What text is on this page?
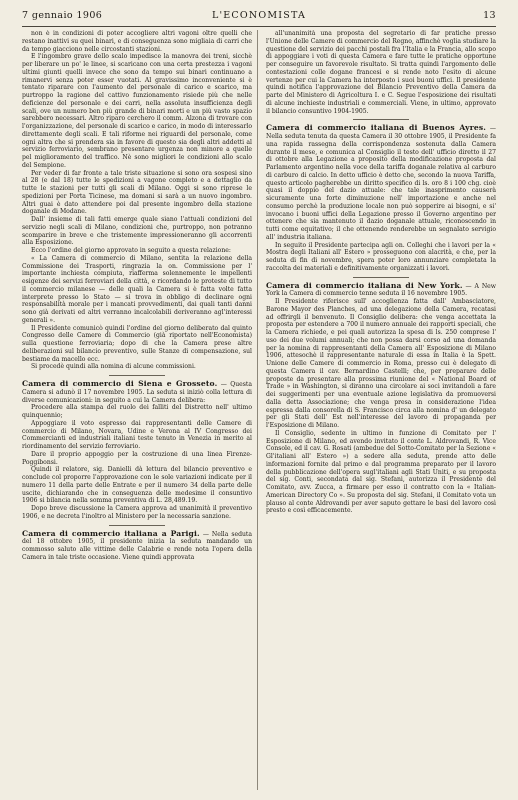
7 gennaio 1906	L'ECONOMISTA	13

non è in condizioni di poter accogliere altri vagoni oltre quelli che restano inattivi su quei binari, e di conseguenza sono migliaia di carri che da tempo giacciono nelle circostanti stazioni.

E l'ingombro grave dello scalo impedisce la manovra dei treni, sicchè per liberare un po' le linee, si scaricano con una certa prestezza i vagoni ultimi giunti quelli invece che sono da tempo sui binari continuano a rimanervi senza poter esser vuotati. Al gravissimo inconveniente si è tentato riparare con l'aumento del personale di carico e scarico, ma purtroppo la ragione del cattivo funzionamento risiede più che nelle deficienze del personale e dei carri, nella assoluta insufficienza degli scali, ove un numero ben più grande di binari morti e un più vasto spazio sarebbero necessari. Altro riparo cerchero il comm. Alzona di trovare con l'organizzazione, del personale di scarico e carico, in modo di interessarlo direttamente degli scali. E tali riforme nei riguardi del personale, come ogni altra che si prendera sia in favore di questo sia degli altri addetti al servizio ferroviario, sembrano presentare urgenza non minore a quelle pel miglioramento del traffico. Nè sono migliori le condizioni allo scalo del Sempione.

Per veder di far fronte a tale triste situazione si sono ora sospesi sino al 28 (e dal 18) tutte le spedizioni a vagone completo e a dettaglio da tutte le stazioni per tutti gli scali di Milano. Oggi si sono riprese le spedizioni per Porta Ticinese, ma domani si sarà a un nuovo ingombro. Altri guai è dato attendere poi dal presente ingombro della stazione doganale di Modane.

Dall' insieme di tali fatti emerge quale siano l'attuali condizioni del servizio negli scali di Milano, condizioni che, purtroppo, non potranno scomparire in breve e che tristemente impressioneranno gli accorrenti alla Esposizione.

Ecco l'ordine del giorno approvato in seguito a questa relazione:

« La Camera di commercio di Milano, sentita la relazione della Commissione dei Trasporti, ringrazia la on. Commissione per l' importante inchiesta compiuta, riafferma solennemente le impellenti esigenze dei servizi ferroviari della città, e ricordando le proteste di tutto il commercio milanese — delle quali la Camera si è fatta volte fatta interprete presso lo Stato — si trova in obbligo di declinare ogni responsabilità morale per i mancati provvedimenti, dai quali tanti danni sono già derivati ed altri verranno incalcolabili deriveranno agl'interessi generali ».

Il Presidente comunicò quindi l'ordine del giorno deliberato dal quinto Congresso delle Camere di Commercio (già riportato nell'Economista) sulla questione ferroviaria; dopo di che la Camera prese altre deliberazioni sul bilancio preventivo, sulle Stanze di compensazione, sul bestiame da macello ecc.

Si procedè quindi alla nomina di alcune commissioni.

Camera di commercio di Siena e Grosseto. — Questa Camera si adunò il 17 novembre 1905. La seduta si iniziò colla lettura di diverse comunicazioni: in seguito a cui la Camera delibera:

Procedere alla stampa del ruolo dei falliti del Distretto nell' ultimo quinquennio;

Appoggiare il voto espresso dai rappresentanti delle Camere di commercio di Milano, Novara, Udine e Verona al IV Congresso dei Commercianti ed industriali italiani teste tenuto in Venezia in merito al riordinamento del servizio ferroviario.

Dare il proprio appoggio per la costruzione di una linea Firenze-Poggibonsi.

Quindi il relatore, sig. Danielli dà lettura del bilancio preventivo e conclude col proporre l'approvazione con le sole variazioni indicate per il numero 11 della parte delle Entrate e per il numero 34 della parte delle uscite, dichiarando che in conseguenza delle medesime il consuntivo 1906 si bilancia nella somma preventiva di L. 28,489.19.

Dopo breve discussione la Camera approva ad unanimità il preventivo 1906, e ne decreta l'inoltro al Ministero per la necessaria sanzione.

Camera di commercio italiana a Parigi. — Nella seduta del 18 ottobre 1905, il presidente inizia la seduta mandando un commosso saluto alle vittime delle Calabrie e rende nota l'opera della Camera in tale triste occasione. Viene quindi approvata

all'unanimità una proposta del segretario di far pratiche presso l'Unione delle Camere di commercio del Regno, affinchè voglia studiare la questione del servizio dei pacchi postali fra l'Italia e la Francia, allo scopo di appoggiare i voti di questa Camera e fare tutte le pratiche opportune per conseguire un favorevole risultato. Si tratta quindi l'argomento delle contestazioni colle dogane francesi e si rende noto l'esito di alcune vertenze per cui la Camera ha interposto i suoi buoni uffici. Il presidente quindi notifica l'approvazione del Bilancio Preventivo della Camera da parte del Ministero di Agricoltura I. e C. Segue l'esposizione dei risultati di alcune inchieste industriali e commerciali. Viene, in ultimo, approvato il bilancio consuntivo 1904-1905.

Camera di commercio italiana di Buenos Ayres. — Nella seduta tenuta da questa Camera il 30 ottobre 1905, il Presidente fa una rapida rassegna della corrispondenza sostenuta dalla Camera durante il mese, e comunica al Consiglio il testo dell' ufficio diretto il 27 di ottobre alla Legazione a proposito della modificazione proposta dal Parlamento argentino nella voce della tariffa doganale relativa al carburo di carburo di calcio. In detto ufficio è detto che, secondo la nuova Tariffa, questo articolo pagherebbe un diritto specifico di ls. oro 8 i 100 chg. cioè quasi il doppio del dazio attuale: che tale inasprimento causerà sicuramente una forte diminuzione nell' importazione e anche nel consumo perchè la produzione locale non può sopperire ai bisogni, e si' invocano i buoni uffici della Legazione presso il Governo argentino per ottenere che sia mantenuto il dazio doganale attuale, riconoscendo in tutti come equitativo; il che ottenendo renderebbe un segnalato servigio all' industria italiana.

In seguito il Presidente partecipa agli on. Colleghi che i lavori per la « Mostra degli Italiani all' Estero » prosseguono con alacrità, e che, per la seduta di fin di novembre, spera poter loro annunziare completata la raccolta dei materiali e definitivamente organizzati i lavori.

Camera di commercio italiana di New York. — A New York la Camera di commercio tenne seduta il 16 novembre 1905.

Il Presidente riferisce sull' accoglienza fatta dall' Ambasciatore, Barone Mayor des Planches, ad una delegazione della Camera, recatasi ad offrirgli il benvenuto. Il Consiglio delibera: che venga accettata la proposta per estendere a 700 il numero annuale dei rapporti speciali, che la Camera richiede, e pei quali autorizza la spesa di ls. 250 comprese l' uso dei due volumi annuali; che non possa darsi corso ad una domanda per la nomina di rappresentanti della Camera all' Esposizione di Milano 1906, attesochè il rappresentante naturale di essa in Italia è la Spett. Unione delle Camere di commercio in Roma, presso cui è delegato di questa Camera il cav. Bernardino Castelli; che, per preparare delle proposte da presentare alla prossima riunione del « National Board of Trade » in Washington, si diranno una circolare ai soci invitandoli a fare dei suggerimenti per una eventuale azione legislativa da promuoversi dalla detta Associazione; che venga presa in considerazione l'idea espressa dalla consorella di S. Francisco circa alla nomina d' un delegato per gli Stati dell' Est nell'interesse del lavoro di propaganda per l'Esposizione di Milano.

Il Consiglio, sedente in ultimo in funzione di Comitato per l' Esposizione di Milano, ed avendo invitato il conte L. Aldrovandi, R. Vice Console, ed il cav. G. Rosati (ambedue del Sotto-Comitato per la Sezione « Gl'italiani all' Estero ») a sedere alla seduta, prende atto delle informazioni fornite dal primo e dal programma preparato per il lavoro della pubblicazione dell'opera sugl'italiani agli Stati Uniti, e su proposta del sig. Conti, secondata dal sig. Stefani, autorizza il Presidente del Comitato, avv. Zucca, a firmare per esso il contratto con la « Italian-American Directory Co ». Su proposta del sig. Stefani, il Comitato vota un plauso al conte Aldrovandi per aver saputo gettare le basi del lavoro così presto e così efficacemente.
